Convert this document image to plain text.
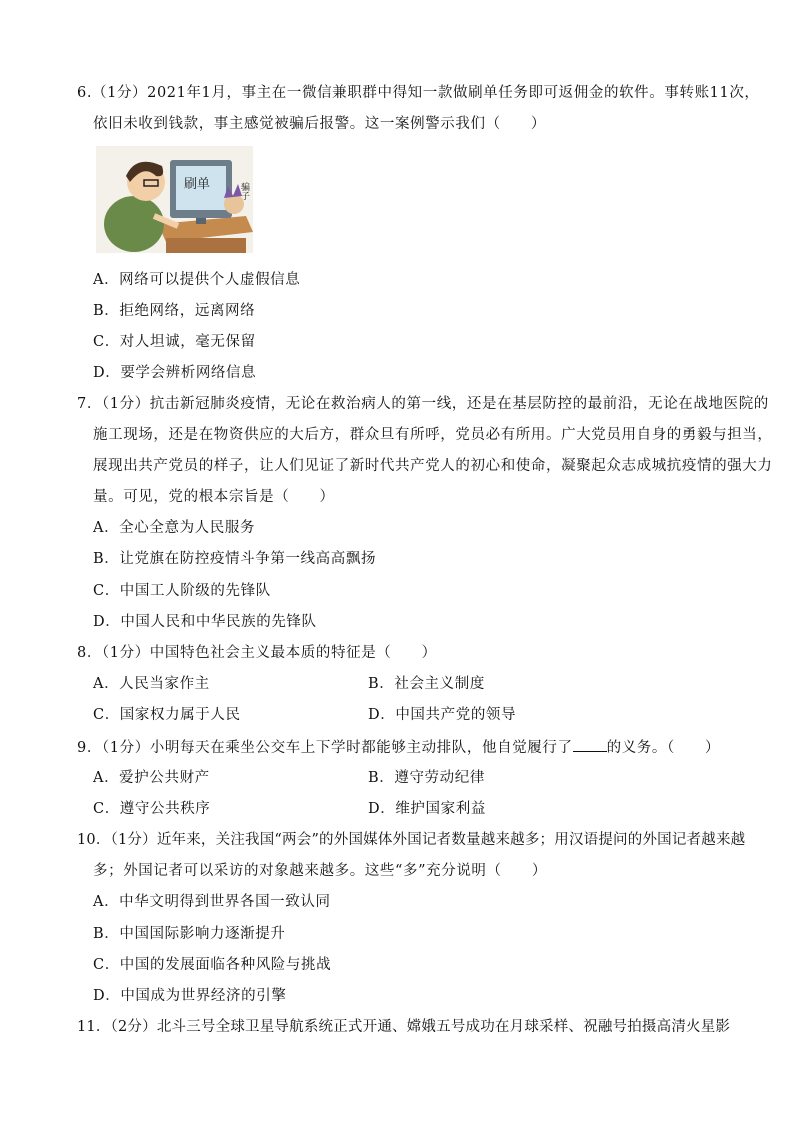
6.（1分）2021年1月，事主在一微信兼职群中得知一款做刷单任务即可返佣金的软件。事转账11次，
依旧未收到钱款，事主感觉被骗后报警。这一案例警示我们（　　）
刷单	骗子
A．网络可以提供个人虚假信息
B．拒绝网络，远离网络
C．对人坦诚，毫无保留
D．要学会辨析网络信息
7．（1分）抗击新冠肺炎疫情，无论在救治病人的第一线，还是在基层防控的最前沿，无论在战地医院的
施工现场，还是在物资供应的大后方，群众旦有所呼，党员必有所用。广大党员用自身的勇毅与担当，
展现出共产党员的样子，让人们见证了新时代共产党人的初心和使命，凝聚起众志成城抗疫情的强大力
量。可见，党的根本宗旨是（　　）
A．全心全意为人民服务
B．让党旗在防控疫情斗争第一线高高飘扬
C．中国工人阶级的先锋队
D．中国人民和中华民族的先锋队
8．（1分）中国特色社会主义最本质的特征是（　　）
A．人民当家作主	B．社会主义制度
C．国家权力属于人民	D．中国共产党的领导
9．（1分）小明每天在乘坐公交车上下学时都能够主动排队，他自觉履行了 的义务。（　　）
A．爱护公共财产	B．遵守劳动纪律
C．遵守公共秩序	D．维护国家利益
10．（1分）近年来，关注我国“两会”的外国媒体外国记者数量越来越多；用汉语提问的外国记者越来越
多；外国记者可以采访的对象越来越多。这些“多”充分说明（　　）
A．中华文明得到世界各国一致认同
B．中国国际影响力逐渐提升
C．中国的发展面临各种风险与挑战
D．中国成为世界经济的引擎
11．（2分）北斗三号全球卫星导航系统正式开通、嫦娥五号成功在月球采样、祝融号拍摄高清火星影
